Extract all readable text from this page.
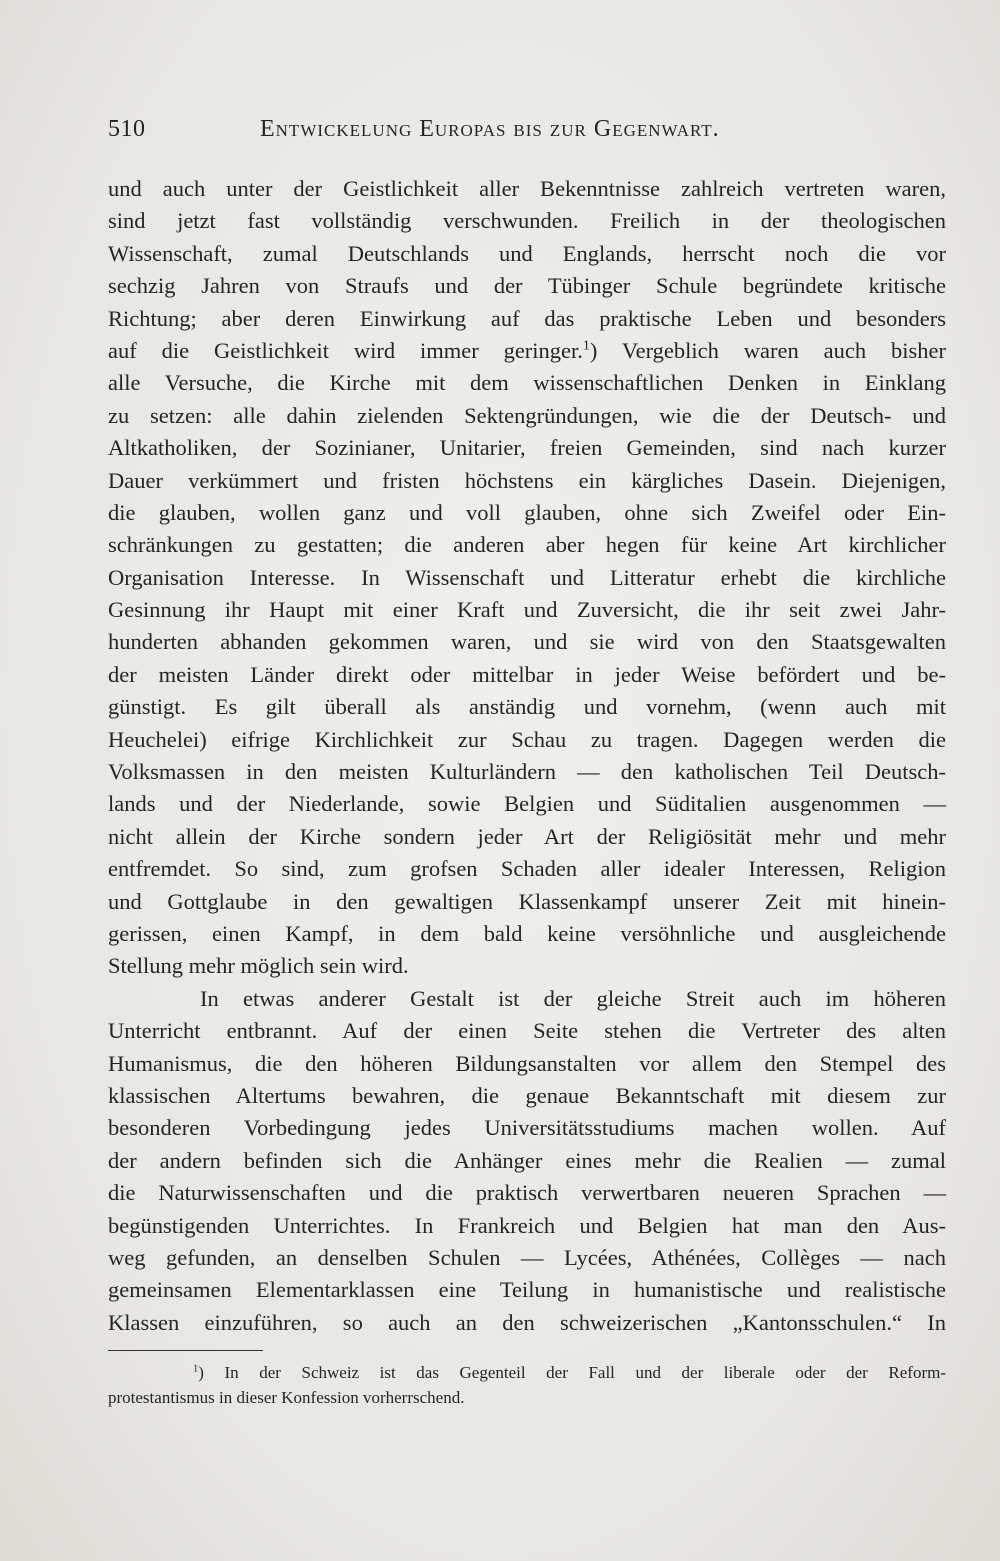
510	Entwickelung Europas bis zur Gegenwart.
und auch unter der Geistlichkeit aller Bekenntnisse zahlreich vertreten waren,
sind jetzt fast vollständig verschwunden. Freilich in der theologischen
Wissenschaft, zumal Deutschlands und Englands, herrscht noch die vor
sechzig Jahren von Straufs und der Tübinger Schule begründete kritische
Richtung; aber deren Einwirkung auf das praktische Leben und besonders
auf die Geistlichkeit wird immer geringer.$^1$) Vergeblich waren auch bisher
alle Versuche, die Kirche mit dem wissenschaftlichen Denken in Einklang
zu setzen: alle dahin zielenden Sektengründungen, wie die der Deutsch- und
Altkatholiken, der Sozinianer, Unitarier, freien Gemeinden, sind nach kurzer
Dauer verkümmert und fristen höchstens ein kärgliches Dasein. Diejenigen,
die glauben, wollen ganz und voll glauben, ohne sich Zweifel oder Ein-
schränkungen zu gestatten; die anderen aber hegen für keine Art kirchlicher
Organisation Interesse. In Wissenschaft und Litteratur erhebt die kirchliche
Gesinnung ihr Haupt mit einer Kraft und Zuversicht, die ihr seit zwei Jahr-
hunderten abhanden gekommen waren, und sie wird von den Staatsgewalten
der meisten Länder direkt oder mittelbar in jeder Weise befördert und be-
günstigt. Es gilt überall als anständig und vornehm, (wenn auch mit
Heuchelei) eifrige Kirchlichkeit zur Schau zu tragen. Dagegen werden die
Volksmassen in den meisten Kulturländern — den katholischen Teil Deutsch-
lands und der Niederlande, sowie Belgien und Süditalien ausgenommen —
nicht allein der Kirche sondern jeder Art der Religiösität mehr und mehr
entfremdet. So sind, zum grofsen Schaden aller idealer Interessen, Religion
und Gottglaube in den gewaltigen Klassenkampf unserer Zeit mit hinein-
gerissen, einen Kampf, in dem bald keine versöhnliche und ausgleichende
Stellung mehr möglich sein wird.
In etwas anderer Gestalt ist der gleiche Streit auch im höheren
Unterricht entbrannt. Auf der einen Seite stehen die Vertreter des alten
Humanismus, die den höheren Bildungsanstalten vor allem den Stempel des
klassischen Altertums bewahren, die genaue Bekanntschaft mit diesem zur
besonderen Vorbedingung jedes Universitätsstudiums machen wollen. Auf
der andern befinden sich die Anhänger eines mehr die Realien — zumal
die Naturwissenschaften und die praktisch verwertbaren neueren Sprachen —
begünstigenden Unterrichtes. In Frankreich und Belgien hat man den Aus-
weg gefunden, an denselben Schulen — Lycées, Athénées, Collèges — nach
gemeinsamen Elementarklassen eine Teilung in humanistische und realistische
Klassen einzuführen, so auch an den schweizerischen „Kantonsschulen.“ In
$^1$) In der Schweiz ist das Gegenteil der Fall und der liberale oder der Reform-
protestantismus in dieser Konfession vorherrschend.
